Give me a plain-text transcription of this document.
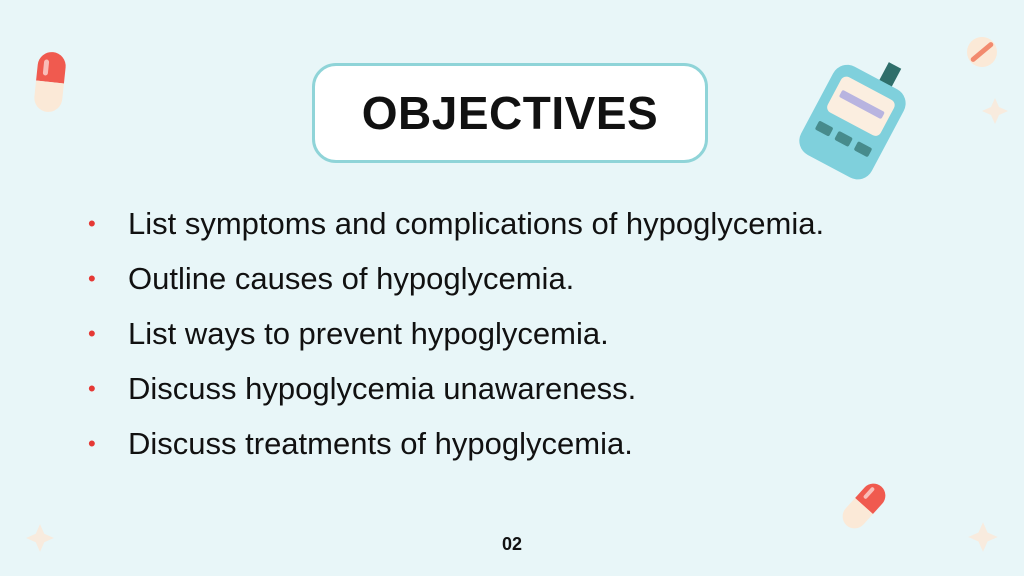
OBJECTIVES
•	List symptoms and complications of hypoglycemia.
•	Outline causes of hypoglycemia.
•	List ways to prevent hypoglycemia.
•	Discuss hypoglycemia unawareness.
•	Discuss treatments of hypoglycemia.
02
